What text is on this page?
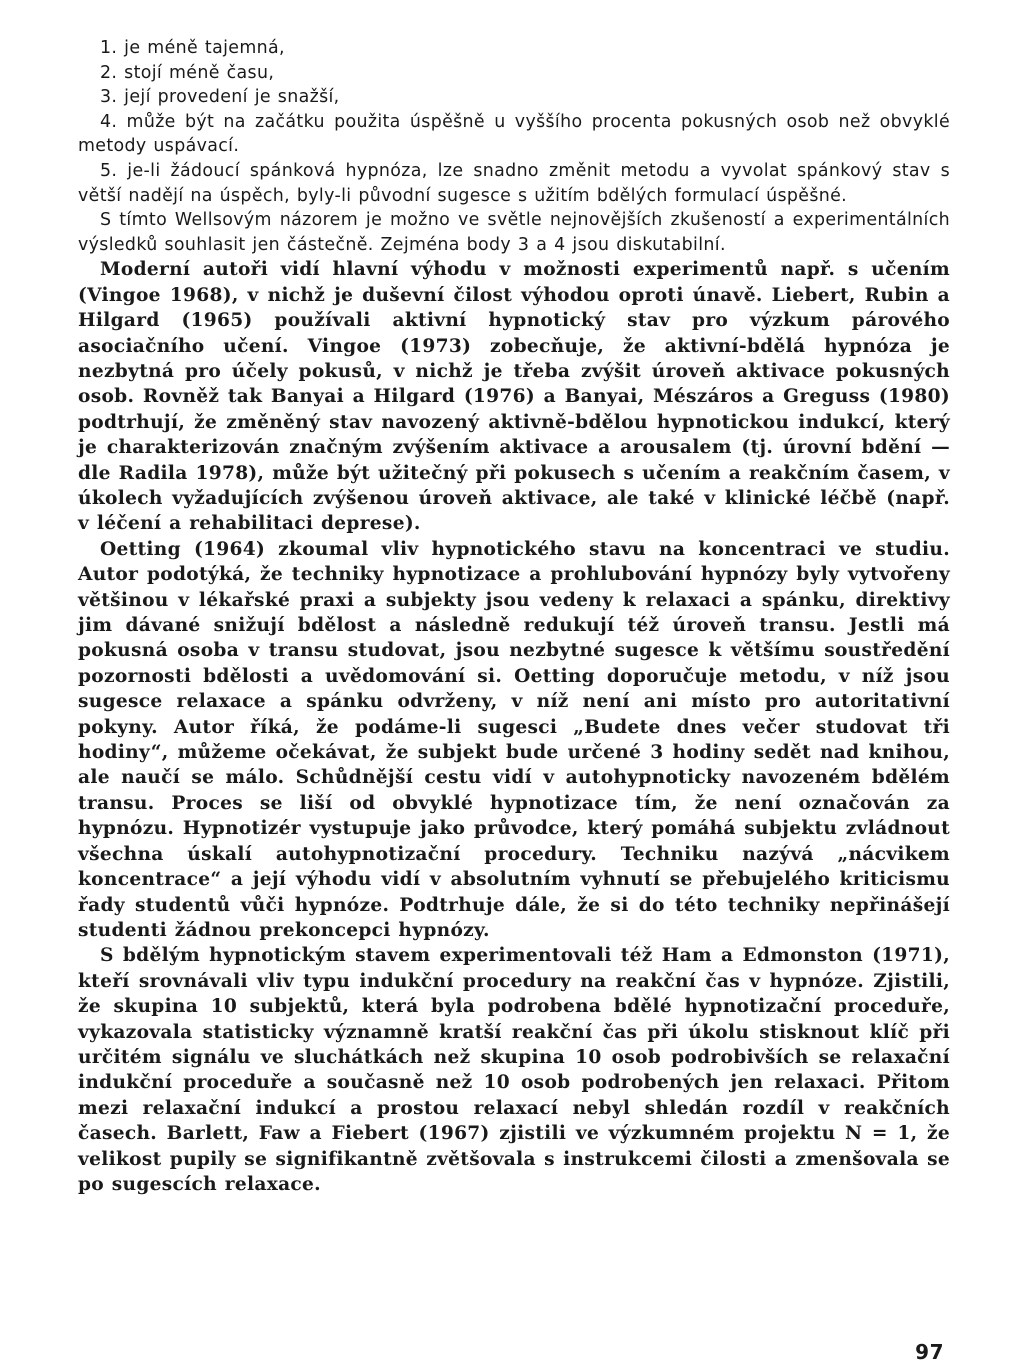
1. je méně tajemná,

2. stojí méně času,

3. její provedení je snažší,

4. může být na začátku použita úspěšně u vyššího procenta pokusných osob než obvyklé metody uspávací.

5. je-li žádoucí spánková hypnóza, lze snadno změnit metodu a vyvolat spánkový stav s větší nadějí na úspěch, byly-li původní sugesce s užitím bdělých formulací úspěšné.

S tímto Wellsovým názorem je možno ve světle nejnovějších zkušeností a experimentálních výsledků souhlasit jen částečně. Zejména body 3 a 4 jsou diskutabilní.

Moderní autoři vidí hlavní výhodu v možnosti experimentů např. s učením (Vingoe 1968), v nichž je duševní čilost výhodou oproti únavě. Liebert, Rubin a Hilgard (1965) používali aktivní hypnotický stav pro výzkum párového asociačního učení. Vingoe (1973) zobecňuje, že aktivní-bdělá hypnóza je nezbytná pro účely pokusů, v nichž je třeba zvýšit úroveň aktivace pokusných osob. Rovněž tak Banyai a Hilgard (1976) a Banyai, Mészáros a Greguss (1980) podtrhují, že změněný stav navozený aktivně-bdělou hypnotickou indukcí, který je charakterizován značným zvýšením aktivace a arousalem (tj. úrovní bdění — dle Radila 1978), může být užitečný při pokusech s učením a reakčním časem, v úkolech vyžadujících zvýšenou úroveň aktivace, ale také v klinické léčbě (např. v léčení a rehabilitaci deprese).

Oetting (1964) zkoumal vliv hypnotického stavu na koncentraci ve studiu. Autor podotýká, že techniky hypnotizace a prohlubování hypnózy byly vytvořeny většinou v lékařské praxi a subjekty jsou vedeny k relaxaci a spánku, direktivy jim dávané snižují bdělost a následně redukují též úroveň transu. Jestli má pokusná osoba v transu studovat, jsou nezbytné sugesce k většímu soustředění pozornosti bdělosti a uvědomování si. Oetting doporučuje metodu, v níž jsou sugesce relaxace a spánku odvrženy, v níž není ani místo pro autoritativní pokyny. Autor říká, že podáme-li sugesci „Budete dnes večer studovat tři hodiny“, můžeme očekávat, že subjekt bude určené 3 hodiny sedět nad knihou, ale naučí se málo. Schůdnější cestu vidí v autohypnoticky navozeném bdělém transu. Proces se liší od obvyklé hypnotizace tím, že není označován za hypnózu. Hypnotizér vystupuje jako průvodce, který pomáhá subjektu zvládnout všechna úskalí autohypnotizační procedury. Techniku nazývá „nácvikem koncentrace“ a její výhodu vidí v absolutním vyhnutí se přebujelého kriticismu řady studentů vůči hypnóze. Podtrhuje dále, že si do této techniky nepřinášejí studenti žádnou prekoncepci hypnózy.

S bdělým hypnotickým stavem experimentovali též Ham a Edmonston (1971), kteří srovnávali vliv typu indukční procedury na reakční čas v hypnóze. Zjistili, že skupina 10 subjektů, která byla podrobena bdělé hypnotizační proceduře, vykazovala statisticky významně kratší reakční čas při úkolu stisknout klíč při určitém signálu ve sluchátkách než skupina 10 osob podrobivších se relaxační indukční proceduře a současně než 10 osob podrobených jen relaxaci. Přitom mezi relaxační indukcí a prostou relaxací nebyl shledán rozdíl v reakčních časech. Barlett, Faw a Fiebert (1967) zjistili ve výzkumném projektu N = 1, že velikost pupily se signifikantně zvětšovala s instrukcemi čilosti a zmenšovala se po sugescích relaxace.

97
